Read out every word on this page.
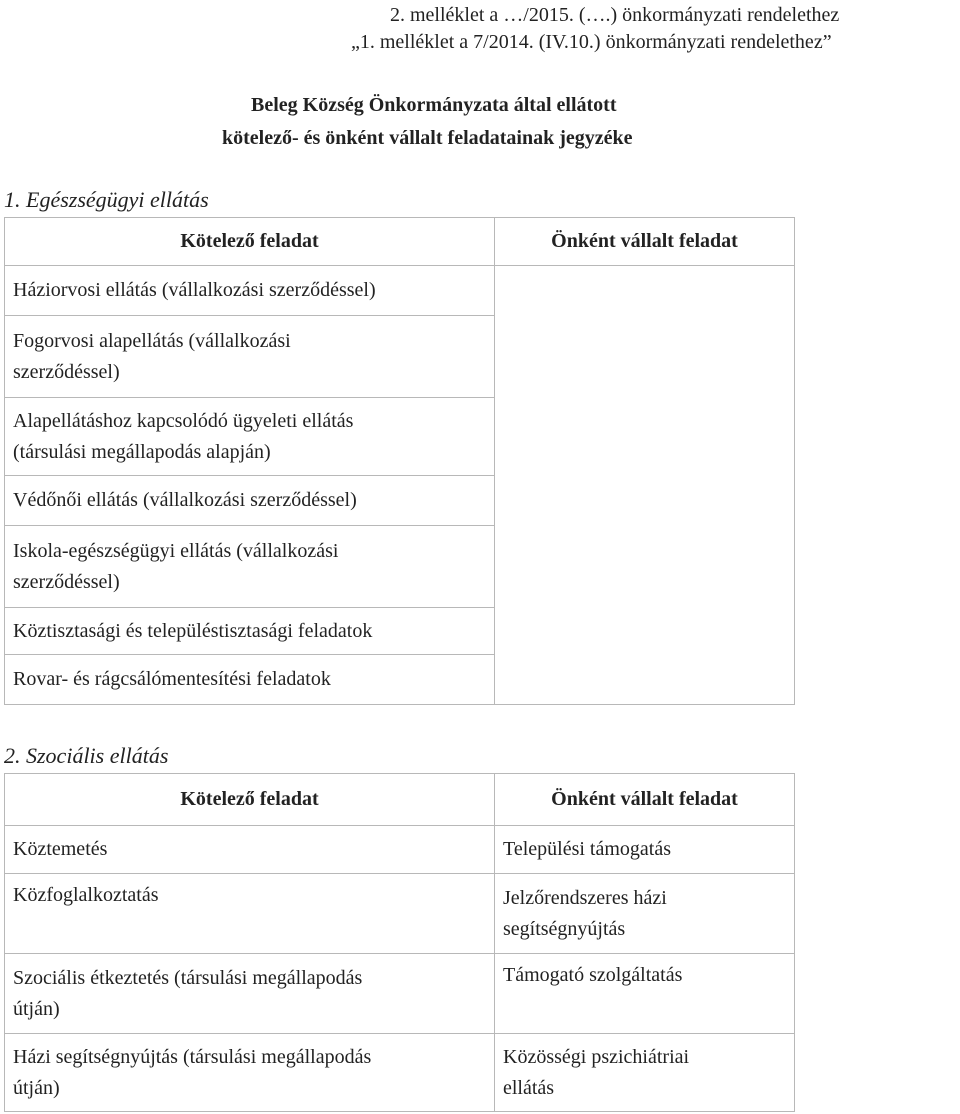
2. melléklet a …/2015. (….) önkormányzati rendelethez
„1. melléklet a 7/2014. (IV.10.) önkormányzati rendelethez”
Beleg Község Önkormányzata által ellátott
kötelező- és önként vállalt feladatainak jegyzéke
1. Egészségügyi ellátás
Kötelező feladat	Önként vállalt feladat
Háziorvosi ellátás (vállalkozási szerződéssel)	
Fogorvosi alapellátás (vállalkozási
szerződéssel)	
Alapellátáshoz kapcsolódó ügyeleti ellátás
(társulási megállapodás alapján)	
Védőnői ellátás (vállalkozási szerződéssel)	
Iskola-egészségügyi ellátás (vállalkozási
szerződéssel)	
Köztisztasági és településtisztasági feladatok	
Rovar- és rágcsálómentesítési feladatok	
2. Szociális ellátás
Kötelező feladat	Önként vállalt feladat
Köztemetés	Települési támogatás
Közfoglalkoztatás	Jelzőrendszeres házi
segítségnyújtás
Szociális étkeztetés (társulási megállapodás
útján)	Támogató szolgáltatás
Házi segítségnyújtás (társulási megállapodás
útján)	Közösségi pszichiátriai
ellátás
